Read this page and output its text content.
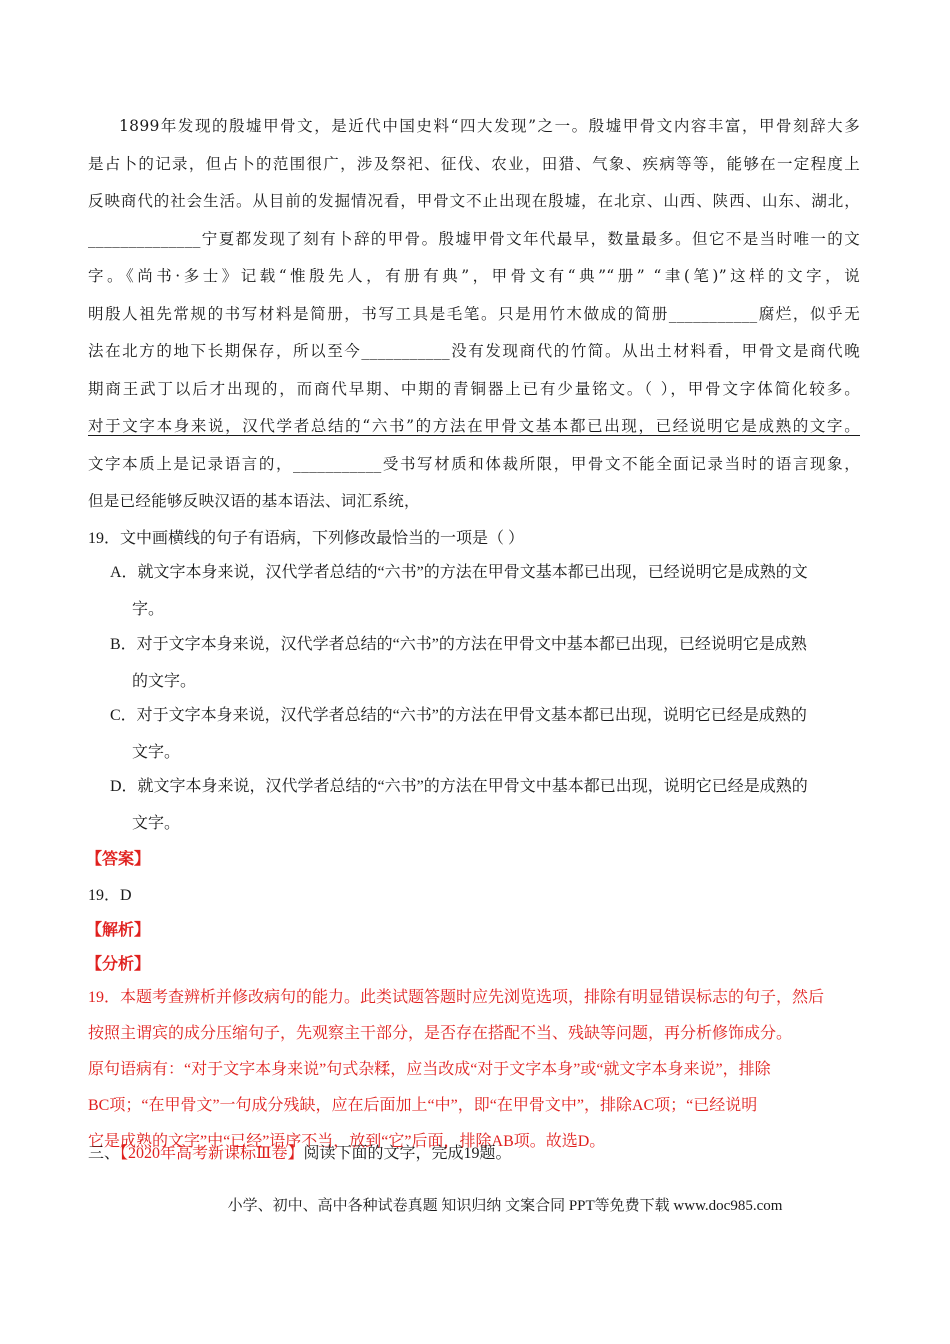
1899年发现的殷墟甲骨文，是近代中国史料“四大发现”之一。殷墟甲骨文内容丰富，甲骨刻辞大多
是占卜的记录，但占卜的范围很广，涉及祭祀、征伐、农业，田猎、气象、疾病等等，能够在一定程度上
反映商代的社会生活。从目前的发掘情况看，甲骨文不止出现在殷墟，在北京、山西、陕西、山东、湖北，
______________宁夏都发现了刻有卜辞的甲骨。殷墟甲骨文年代最早，数量最多。但它不是当时唯一的文
字。《尚书·多士》记载“惟殷先人，有册有典”，甲骨文有“典”“册” “聿(笔)”这样的文字，说
明殷人祖先常规的书写材料是简册，书写工具是毛笔。只是用竹木做成的简册___________腐烂，似乎无
法在北方的地下长期保存，所以至今___________没有发现商代的竹简。从出土材料看，甲骨文是商代晚
期商王武丁以后才出现的，而商代早期、中期的青铜器上已有少量铭文。（ ），甲骨文字体简化较多。
对于文字本身来说，汉代学者总结的“六书”的方法在甲骨文基本都已出现，已经说明它是成熟的文字。
文字本质上是记录语言的，___________受书写材质和体裁所限，甲骨文不能全面记录当时的语言现象，
但是已经能够反映汉语的基本语法、词汇系统，
19．文中画横线的句子有语病，下列修改最恰当的一项是（ ）
A．就文字本身来说，汉代学者总结的“六书”的方法在甲骨文基本都已出现，已经说明它是成熟的文
字。
B．对于文字本身来说，汉代学者总结的“六书”的方法在甲骨文中基本都已出现，已经说明它是成熟
的文字。
C．对于文字本身来说，汉代学者总结的“六书”的方法在甲骨文基本都已出现，说明它已经是成熟的
文字。
D．就文字本身来说，汉代学者总结的“六书”的方法在甲骨文中基本都已出现，说明它已经是成熟的
文字。
【答案】
19．D
【解析】
【分析】
19．本题考查辨析并修改病句的能力。此类试题答题时应先浏览选项，排除有明显错误标志的句子，然后
按照主谓宾的成分压缩句子，先观察主干部分，是否存在搭配不当、残缺等问题，再分析修饰成分。
原句语病有：“对于文字本身来说”句式杂糅，应当改成“对于文字本身”或“就文字本身来说”，排除
BC项；“在甲骨文”一句成分残缺，应在后面加上“中”，即“在甲骨文中”，排除AC项；“已经说明
它是成熟的文字”中“已经”语序不当，放到“它”后面，排除AB项。故选D。
三、【2020年高考新课标Ⅲ卷】阅读下面的文字，完成19题。
小学、初中、高中各种试卷真题 知识归纳 文案合同 PPT等免费下载 www.doc985.com
